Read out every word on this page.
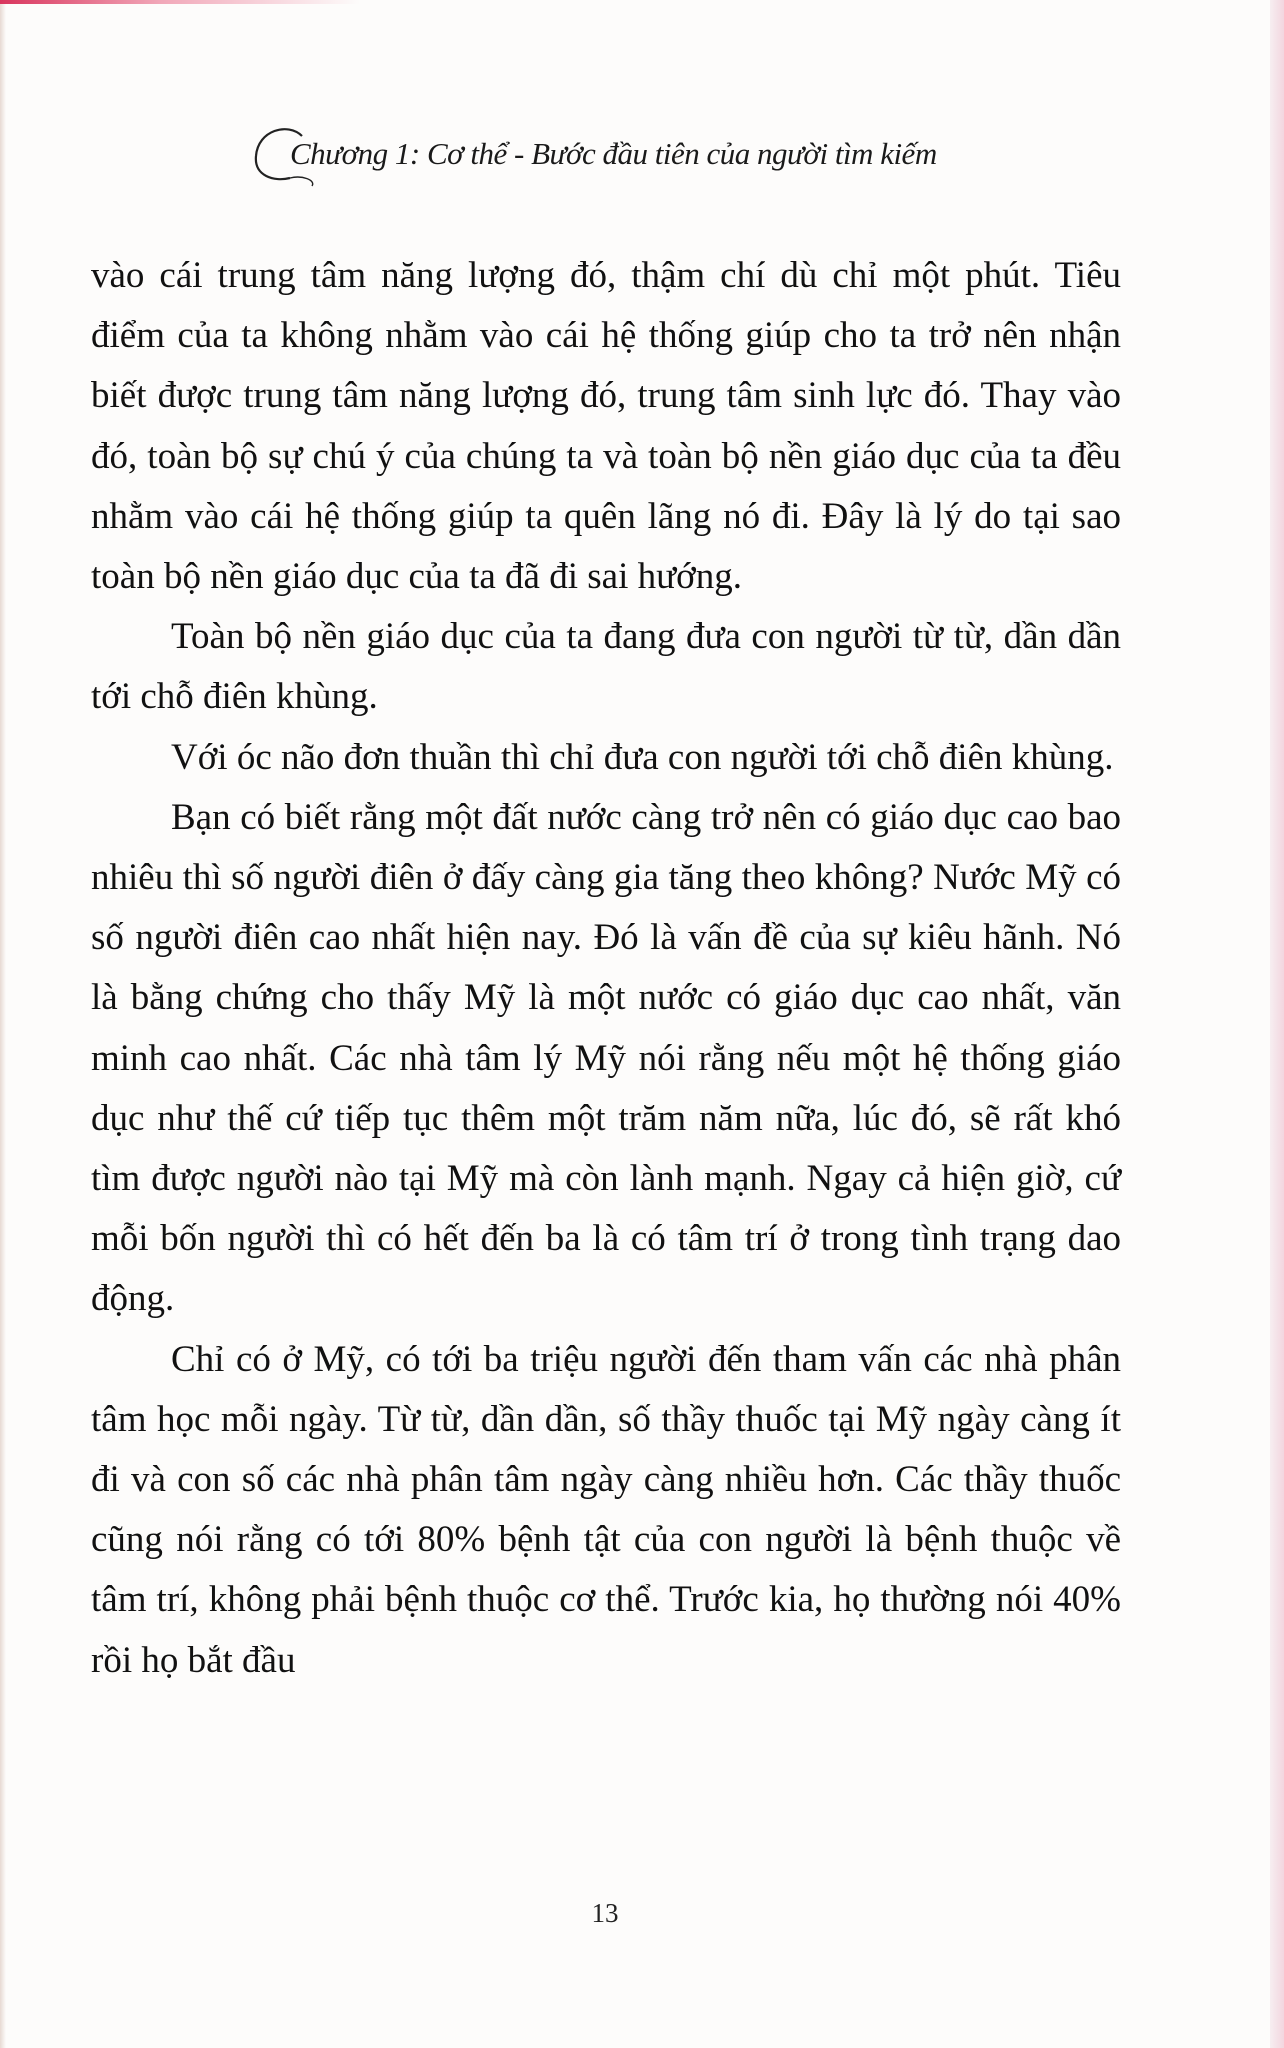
Chương 1: Cơ thể - Bước đầu tiên của người tìm kiếm

vào cái trung tâm năng lượng đó, thậm chí dù chỉ một phút. Tiêu điểm của ta không nhằm vào cái hệ thống giúp cho ta trở nên nhận biết được trung tâm năng lượng đó, trung tâm sinh lực đó. Thay vào đó, toàn bộ sự chú ý của chúng ta và toàn bộ nền giáo dục của ta đều nhằm vào cái hệ thống giúp ta quên lãng nó đi. Đây là lý do tại sao toàn bộ nền giáo dục của ta đã đi sai hướng.

Toàn bộ nền giáo dục của ta đang đưa con người từ từ, dần dần tới chỗ điên khùng.

Với óc não đơn thuần thì chỉ đưa con người tới chỗ điên khùng.

Bạn có biết rằng một đất nước càng trở nên có giáo dục cao bao nhiêu thì số người điên ở đấy càng gia tăng theo không? Nước Mỹ có số người điên cao nhất hiện nay. Đó là vấn đề của sự kiêu hãnh. Nó là bằng chứng cho thấy Mỹ là một nước có giáo dục cao nhất, văn minh cao nhất. Các nhà tâm lý Mỹ nói rằng nếu một hệ thống giáo dục như thế cứ tiếp tục thêm một trăm năm nữa, lúc đó, sẽ rất khó tìm được người nào tại Mỹ mà còn lành mạnh. Ngay cả hiện giờ, cứ mỗi bốn người thì có hết đến ba là có tâm trí ở trong tình trạng dao động.

Chỉ có ở Mỹ, có tới ba triệu người đến tham vấn các nhà phân tâm học mỗi ngày. Từ từ, dần dần, số thầy thuốc tại Mỹ ngày càng ít đi và con số các nhà phân tâm ngày càng nhiều hơn. Các thầy thuốc cũng nói rằng có tới 80% bệnh tật của con người là bệnh thuộc về tâm trí, không phải bệnh thuộc cơ thể. Trước kia, họ thường nói 40% rồi họ bắt đầu

13
